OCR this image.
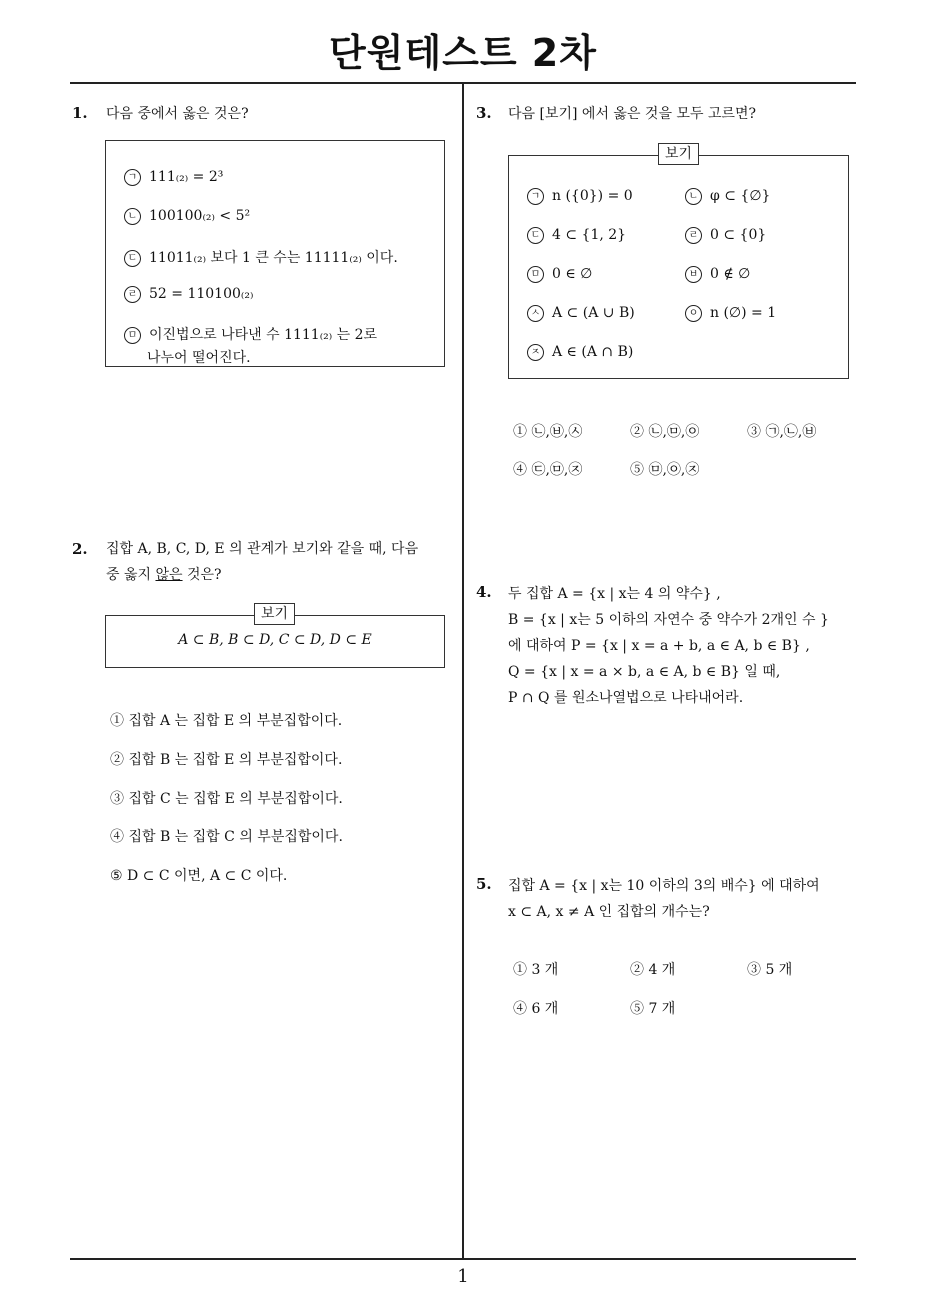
단원테스트 2차
1
1. 다음 중에서 옳은 것은?
ㄱ 111₍₂₎ = 2³
ㄴ 100100₍₂₎ < 5²
ㄷ 11011₍₂₎ 보다 1 큰 수는 11111₍₂₎ 이다.
ㄹ 52 = 110100₍₂₎
ㅁ 이진법으로 나타낸 수 1111₍₂₎ 는 2로
나누어 떨어진다.
2. 집합 A, B, C, D, E 의 관계가 보기와 같을 때, 다음
중 옳지 않은 것은?
보기
A ⊂ B, B ⊂ D, C ⊂ D, D ⊂ E
① 집합 A 는 집합 E 의 부분집합이다.
② 집합 B 는 집합 E 의 부분집합이다.
③ 집합 C 는 집합 E 의 부분집합이다.
④ 집합 B 는 집합 C 의 부분집합이다.
⑤ D ⊂ C 이면, A ⊂ C 이다.
3. 다음 [보기] 에서 옳은 것을 모두 고르면?
ㄱ n ({0}) = 0	ㄴ φ ⊂ {∅}
ㄷ 4 ⊂ {1, 2}	ㄹ 0 ⊂ {0}
ㅁ 0 ∈ ∅	ㅂ 0 ∉ ∅
ㅅ A ⊂ (A ∪ B)	ㅇ n (∅) = 1
ㅈ A ∈ (A ∩ B)
보기
① ㉡,㉥,㉦	② ㉡,㉤,㉧	③ ㉠,㉡,㉥
④ ㉢,㉤,㉨	⑤ ㉤,㉧,㉨
4. 두 집합 A = {x | x는 4 의 약수} ,
B = {x | x는 5 이하의 자연수 중 약수가 2개인 수 }
에 대하여 P = {x | x = a + b, a ∈ A, b ∈ B} ,
Q = {x | x = a × b, a ∈ A, b ∈ B} 일 때,
P ∩ Q 를 원소나열법으로 나타내어라.
5. 집합 A = {x | x는 10 이하의 3의 배수} 에 대하여
x ⊂ A, x ≠ A 인 집합의 개수는?
① 3 개	② 4 개	③ 5 개
④ 6 개	⑤ 7 개
